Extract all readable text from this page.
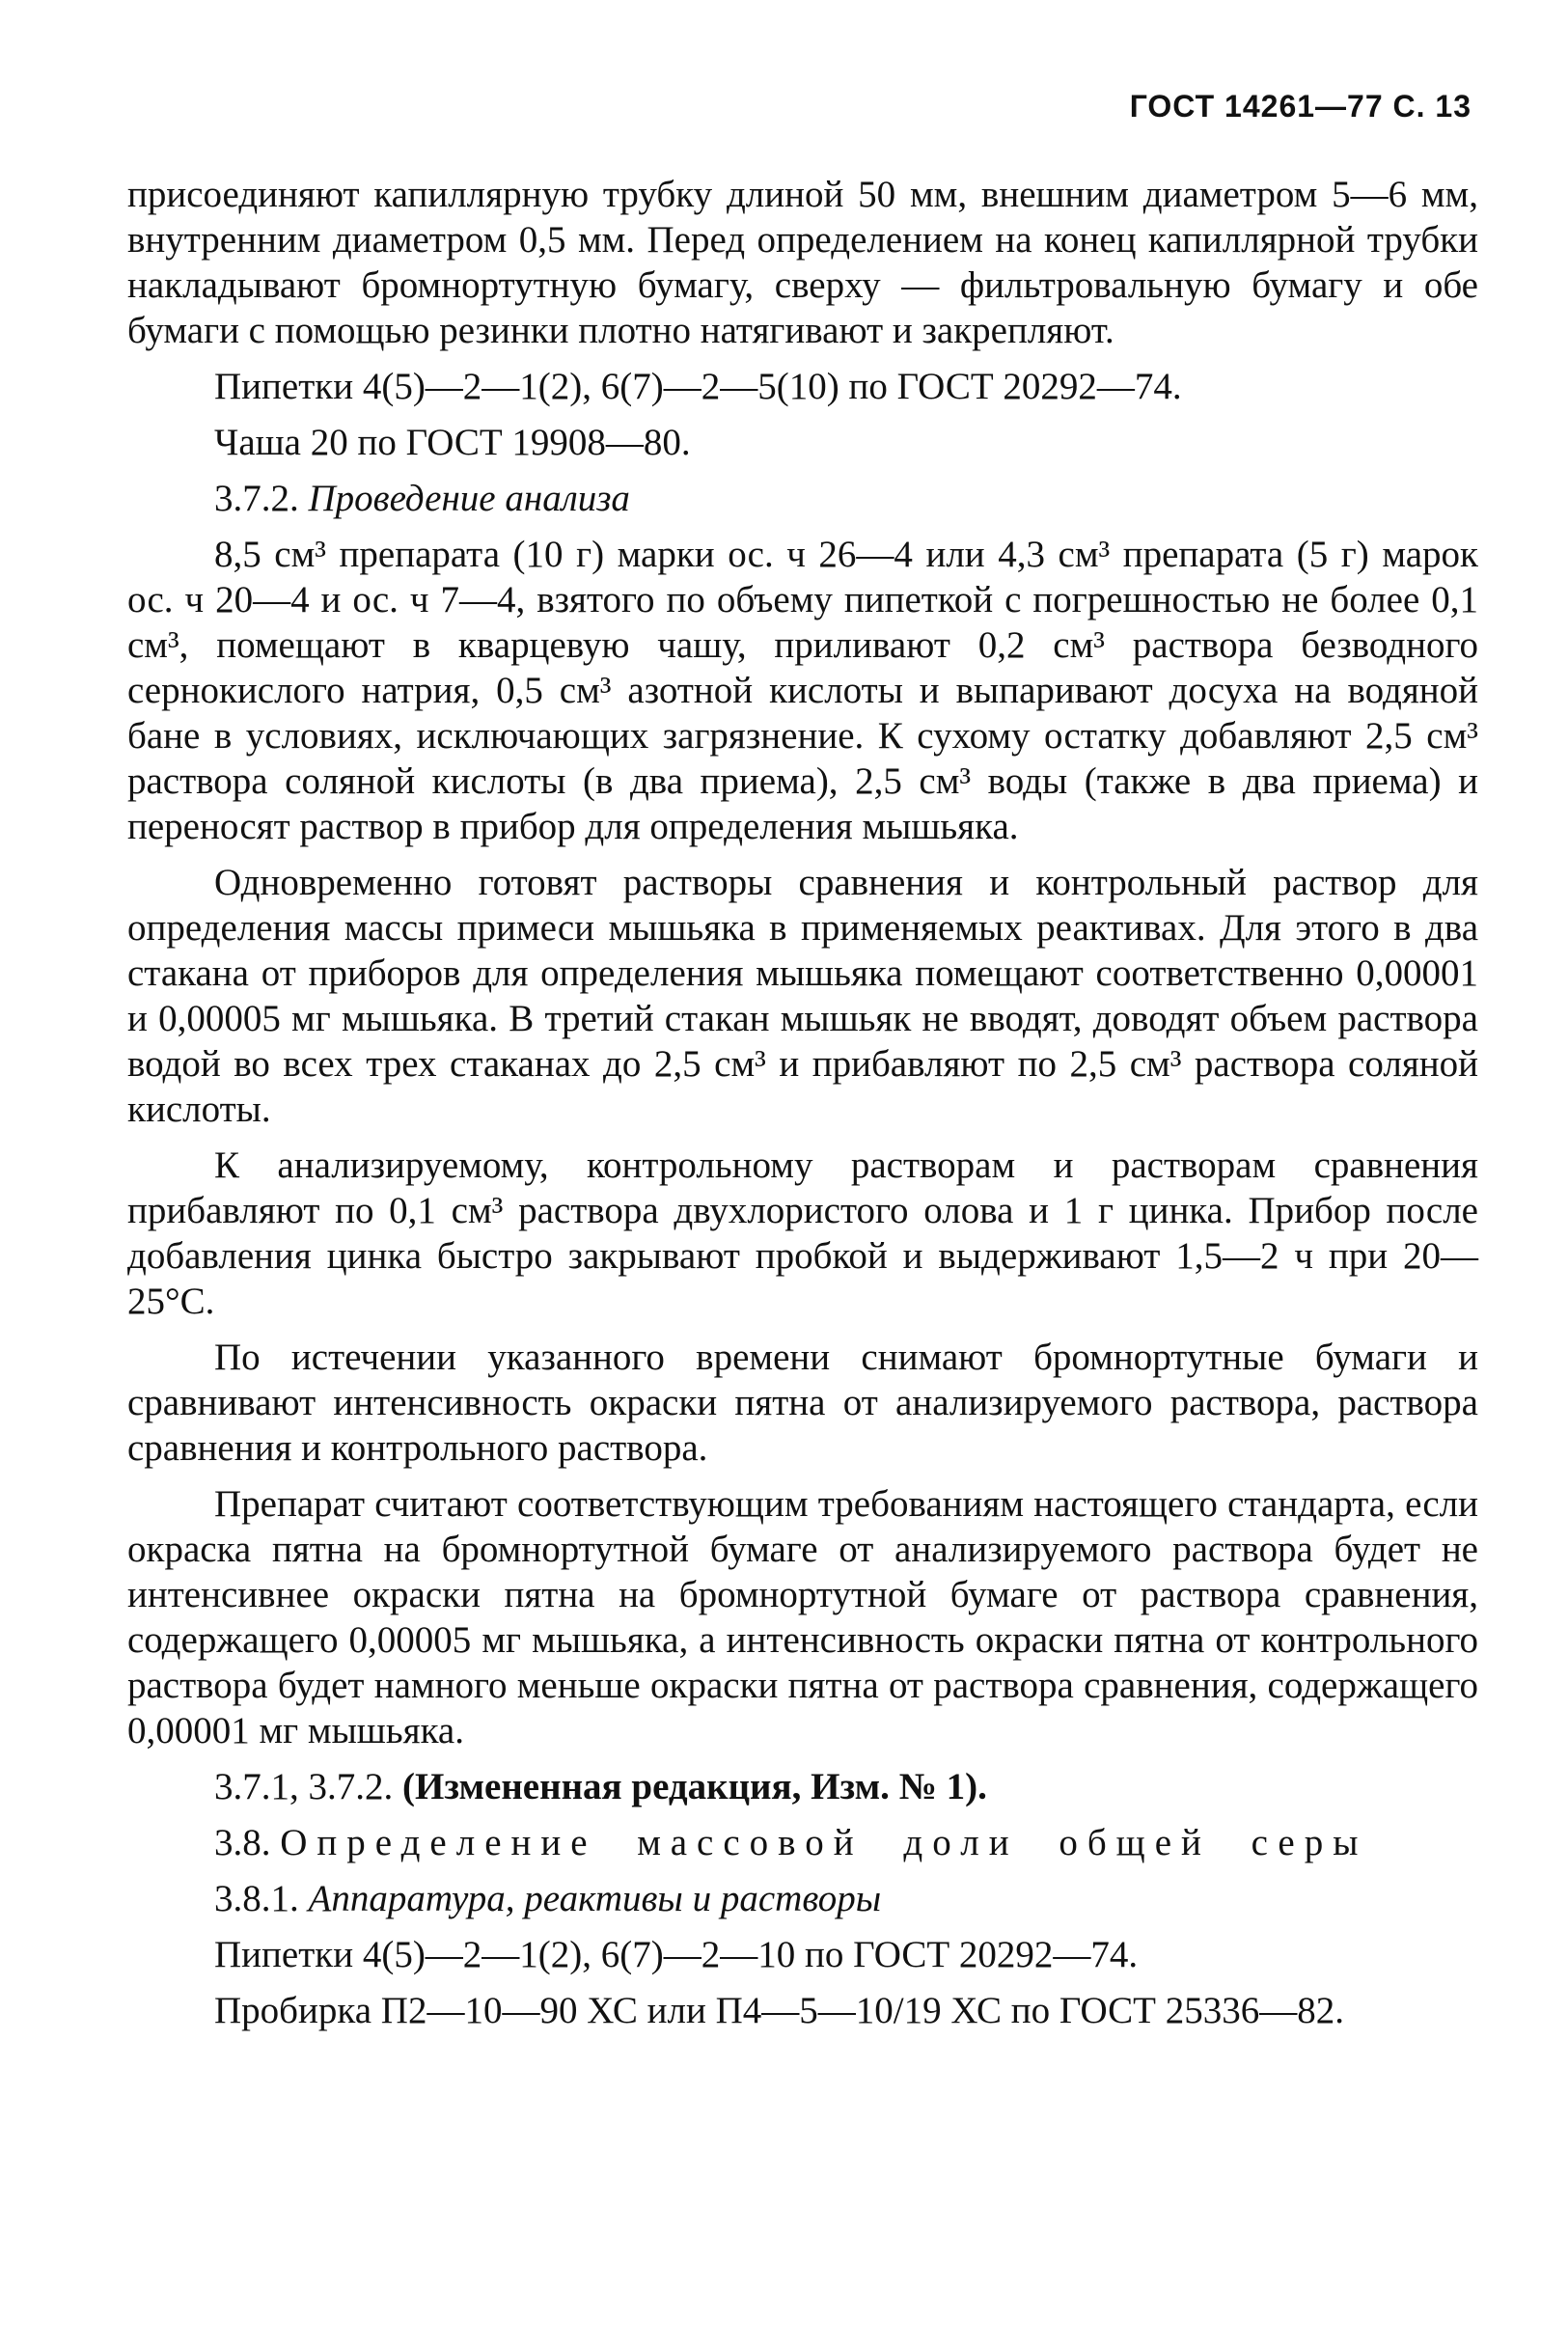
ГОСТ 14261—77 С. 13

присоединяют капиллярную трубку длиной 50 мм, внешним диаметром 5—6 мм, внутренним диаметром 0,5 мм. Перед определением на конец капиллярной трубки накладывают бромнортутную бумагу, сверху — фильтровальную бумагу и обе бумаги с помощью резинки плотно натягивают и закрепляют.

Пипетки 4(5)—2—1(2), 6(7)—2—5(10) по ГОСТ 20292—74.

Чаша 20 по ГОСТ 19908—80.

3.7.2. Проведение анализа

8,5 см³ препарата (10 г) марки ос. ч 26—4 или 4,3 см³ препарата (5 г) марок ос. ч 20—4 и ос. ч 7—4, взятого по объему пипеткой с погрешностью не более 0,1 см³, помещают в кварцевую чашу, приливают 0,2 см³ раствора безводного сернокислого натрия, 0,5 см³ азотной кислоты и выпаривают досуха на водяной бане в условиях, исключающих загрязнение. К сухому остатку добавляют 2,5 см³ раствора соляной кислоты (в два приема), 2,5 см³ воды (также в два приема) и переносят раствор в прибор для определения мышьяка.

Одновременно готовят растворы сравнения и контрольный раствор для определения массы примеси мышьяка в применяемых реактивах. Для этого в два стакана от приборов для определения мышьяка помещают соответственно 0,00001 и 0,00005 мг мышьяка. В третий стакан мышьяк не вводят, доводят объем раствора водой во всех трех стаканах до 2,5 см³ и прибавляют по 2,5 см³ раствора соляной кислоты.

К анализируемому, контрольному растворам и растворам сравнения прибавляют по 0,1 см³ раствора двухлористого олова и 1 г цинка. Прибор после добавления цинка быстро закрывают пробкой и выдерживают 1,5—2 ч при 20—25°С.

По истечении указанного времени снимают бромнортутные бумаги и сравнивают интенсивность окраски пятна от анализируемого раствора, раствора сравнения и контрольного раствора.

Препарат считают соответствующим требованиям настоящего стандарта, если окраска пятна на бромнортутной бумаге от анализируемого раствора будет не интенсивнее окраски пятна на бромнортутной бумаге от раствора сравнения, содержащего 0,00005 мг мышьяка, а интенсивность окраски пятна от контрольного раствора будет намного меньше окраски пятна от раствора сравнения, содержащего 0,00001 мг мышьяка.

3.7.1, 3.7.2. (Измененная редакция, Изм. № 1).

3.8. Определение массовой доли общей серы

3.8.1. Аппаратура, реактивы и растворы

Пипетки 4(5)—2—1(2), 6(7)—2—10 по ГОСТ 20292—74.

Пробирка П2—10—90 ХС или П4—5—10/19 ХС по ГОСТ 25336—82.
